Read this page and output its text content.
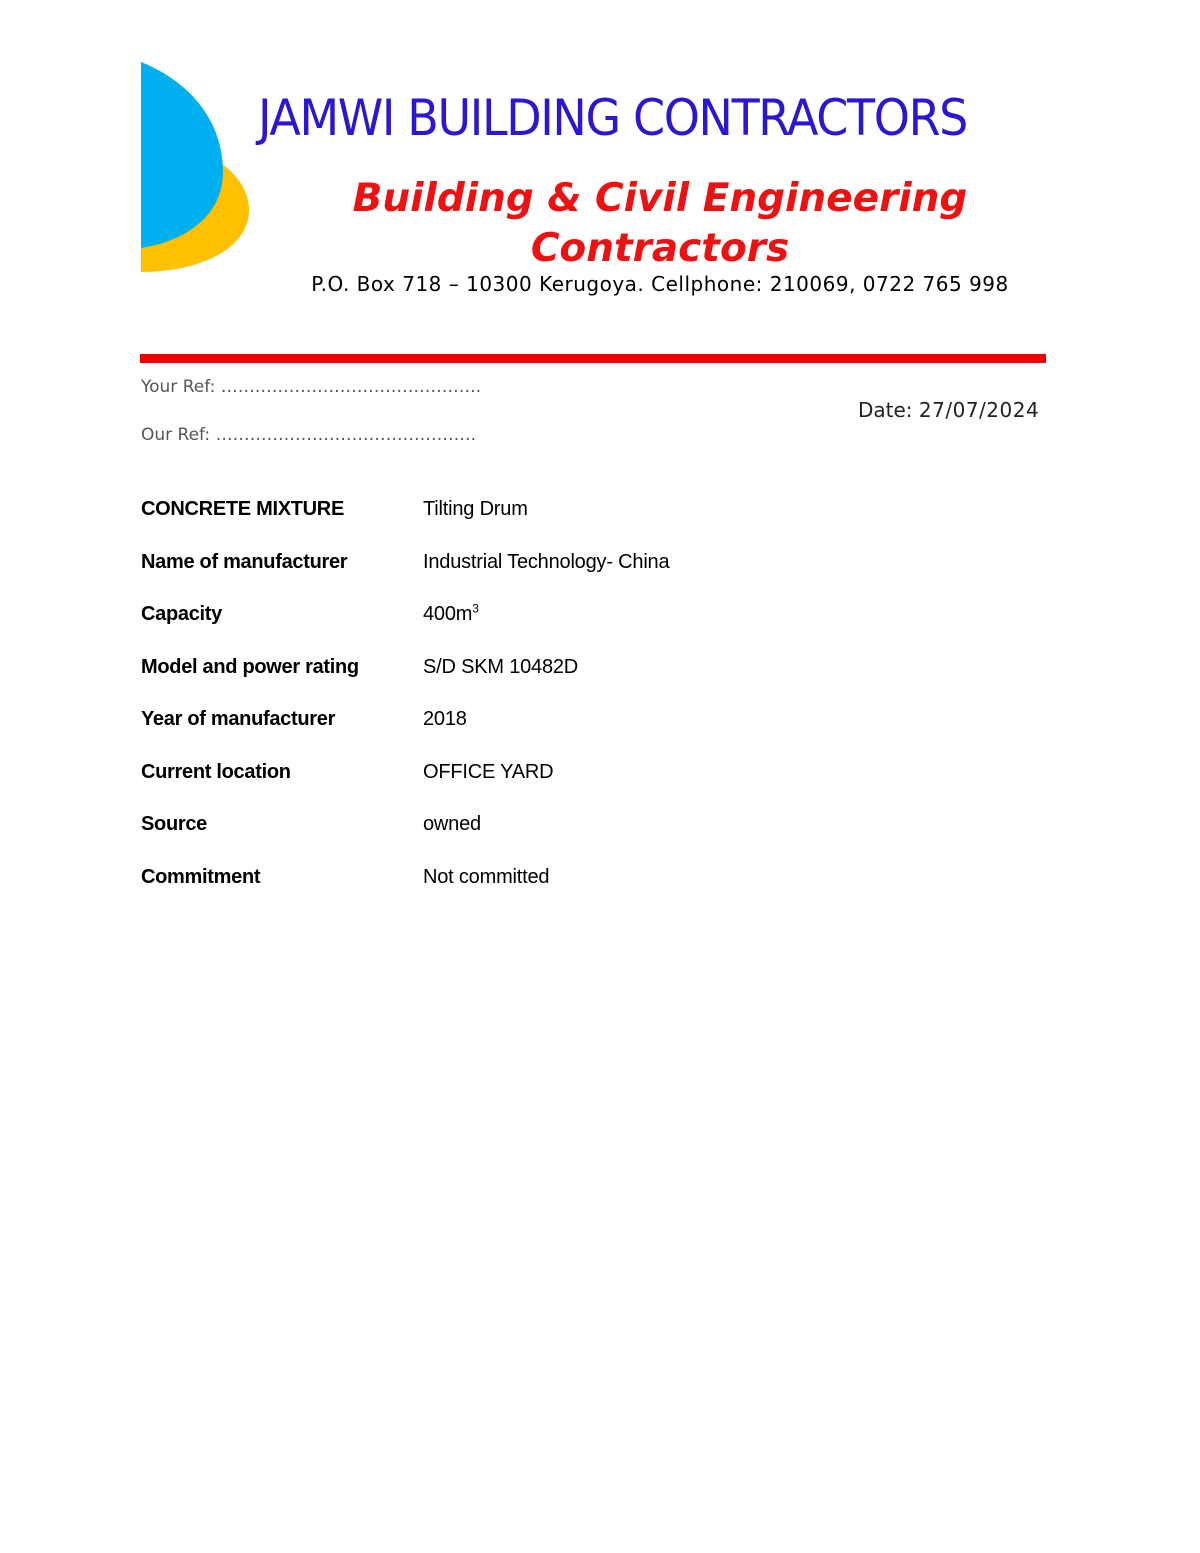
JAMWI BUILDING CONTRACTORS
Building & Civil Engineering Contractors
P.O. Box 718 – 10300 Kerugoya. Cellphone: 210069, 0722 765 998
Your Ref: ……………………………………….
Our Ref: ……………………………………….
Date: 27/07/2024
CONCRETE MIXTURE	Tilting Drum
Name of manufacturer	Industrial Technology- China
Capacity	$400m^3$
Model and power rating	S/D SKM 10482D
Year of manufacturer	2018
Current location	OFFICE YARD
Source	owned
Commitment	Not committed
